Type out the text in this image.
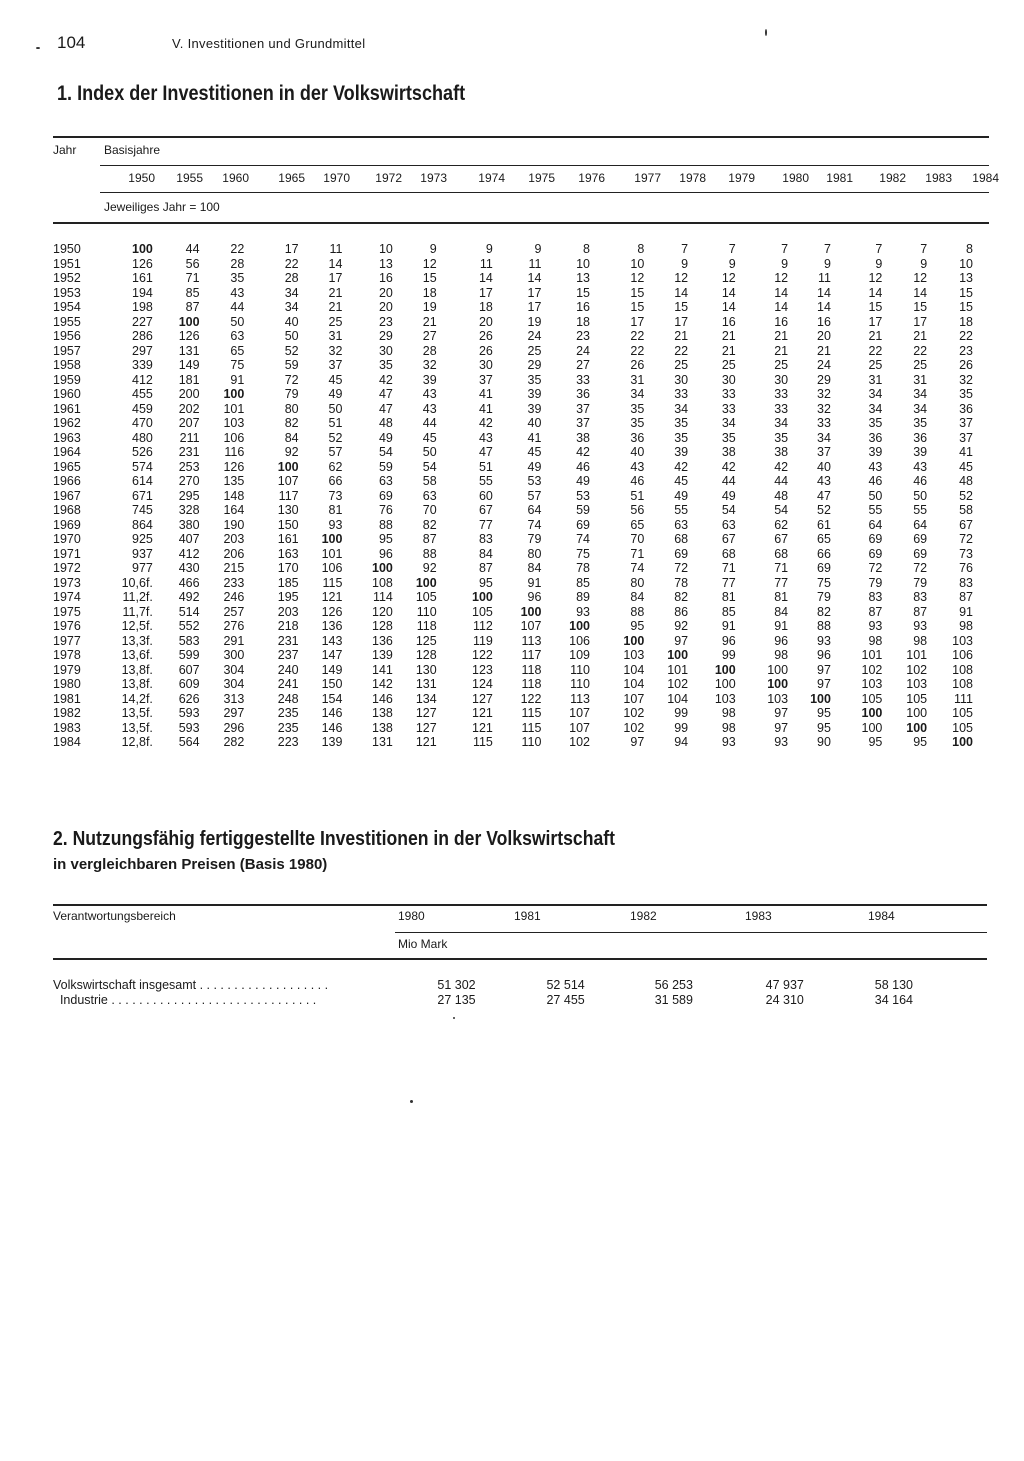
104	V. Investitionen und Grundmittel
1. Index der Investitionen in der Volkswirtschaft
Jahr Basisjahre
1950	1955	1960	1965	1970	1972	1973	1974	1975	1976	1977	1978	1979	1980	1981	1982	1983	1984
Jeweiliges Jahr = 100
1950	100	44	22	17	11	10	9	9	9	8	8	7	7	7	7	7	7	8
1951	126	56	28	22	14	13	12	11	11	10	10	9	9	9	9	9	9	10
1952	161	71	35	28	17	16	15	14	14	13	12	12	12	12	11	12	12	13
1953	194	85	43	34	21	20	18	17	17	15	15	14	14	14	14	14	14	15
1954	198	87	44	34	21	20	19	18	17	16	15	15	14	14	14	15	15	15
1955	227	100	50	40	25	23	21	20	19	18	17	17	16	16	16	17	17	18
1956	286	126	63	50	31	29	27	26	24	23	22	21	21	21	20	21	21	22
1957	297	131	65	52	32	30	28	26	25	24	22	22	21	21	21	22	22	23
1958	339	149	75	59	37	35	32	30	29	27	26	25	25	25	24	25	25	26
1959	412	181	91	72	45	42	39	37	35	33	31	30	30	30	29	31	31	32
1960	455	200	100	79	49	47	43	41	39	36	34	33	33	33	32	34	34	35
1961	459	202	101	80	50	47	43	41	39	37	35	34	33	33	32	34	34	36
1962	470	207	103	82	51	48	44	42	40	37	35	35	34	34	33	35	35	37
1963	480	211	106	84	52	49	45	43	41	38	36	35	35	35	34	36	36	37
1964	526	231	116	92	57	54	50	47	45	42	40	39	38	38	37	39	39	41
1965	574	253	126	100	62	59	54	51	49	46	43	42	42	42	40	43	43	45
1966	614	270	135	107	66	63	58	55	53	49	46	45	44	44	43	46	46	48
1967	671	295	148	117	73	69	63	60	57	53	51	49	49	48	47	50	50	52
1968	745	328	164	130	81	76	70	67	64	59	56	55	54	54	52	55	55	58
1969	864	380	190	150	93	88	82	77	74	69	65	63	63	62	61	64	64	67
1970	925	407	203	161	100	95	87	83	79	74	70	68	67	67	65	69	69	72
1971	937	412	206	163	101	96	88	84	80	75	71	69	68	68	66	69	69	73
1972	977	430	215	170	106	100	92	87	84	78	74	72	71	71	69	72	72	76
1973	10,6f.	466	233	185	115	108	100	95	91	85	80	78	77	77	75	79	79	83
1974	11,2f.	492	246	195	121	114	105	100	96	89	84	82	81	81	79	83	83	87
1975	11,7f.	514	257	203	126	120	110	105	100	93	88	86	85	84	82	87	87	91
1976	12,5f.	552	276	218	136	128	118	112	107	100	95	92	91	91	88	93	93	98
1977	13,3f.	583	291	231	143	136	125	119	113	106	100	97	96	96	93	98	98	103
1978	13,6f.	599	300	237	147	139	128	122	117	109	103	100	99	98	96	101	101	106
1979	13,8f.	607	304	240	149	141	130	123	118	110	104	101	100	100	97	102	102	108
1980	13,8f.	609	304	241	150	142	131	124	118	110	104	102	100	100	97	103	103	108
1981	14,2f.	626	313	248	154	146	134	127	122	113	107	104	103	103	100	105	105	111
1982	13,5f.	593	297	235	146	138	127	121	115	107	102	99	98	97	95	100	100	105
1983	13,5f.	593	296	235	146	138	127	121	115	107	102	99	98	97	95	100	100	105
1984	12,8f.	564	282	223	139	131	121	115	110	102	97	94	93	93	90	95	95	100
2. Nutzungsfähig fertiggestellte Investitionen in der Volkswirtschaft
in vergleichbaren Preisen (Basis 1980)
Verantwortungsbereich	1980	1981	1982	1983	1984
Mio Mark
Volkswirtschaft insgesamt . . . . . . . . . . . . . . . . . . .		51 302	52 514	56 253	47 937	58 130
Industrie . . . . . . . . . . . . . . . . . . . . . . . . . . . . . .		27 135	27 455	31 589	24 310	34 164
